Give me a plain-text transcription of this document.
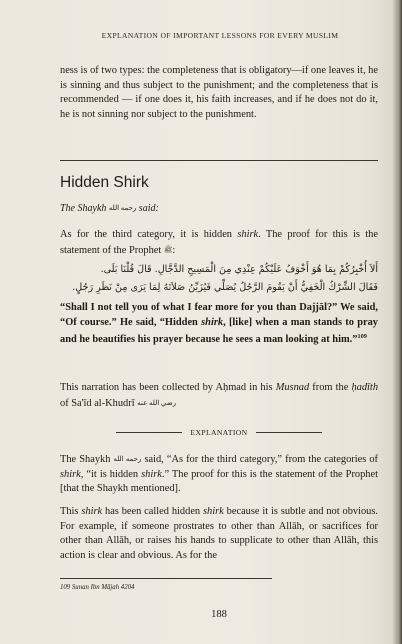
EXPLANATION OF IMPORTANT LESSONS FOR EVERY MUSLIM
ness is of two types: the completeness that is obligatory—if one leaves it, he is sinning and thus subject to the punishment; and the completeness that is recommended — if one does it, his faith increases, and if he does not do it, he is not sinning nor subject to the punishment.
Hidden Shirk
The Shaykh رحمه الله said:
As for the third category, it is hidden shirk. The proof for this is the statement of the Prophet ﷺ:
أَلاَ أُخْبِرُكُمْ بِمَا هُوَ أَخْوَفُ عَلَيْكُمْ عِنْدِي مِنَ الْمَسِيحِ الدَّجَّالِ. قَالَ قُلْنَا بَلَى.
فَقَالَ الشِّرْكُ الْخَفِيُّ أَنْ يَقُومَ الرَّجُلُ يُصَلِّي فَيُزَيِّنُ صَلاَتَهُ لِمَا يَرَى مِنْ نَظَرِ رَجُلٍ.
“Shall I not tell you of what I fear more for you than Dajjāl?” We said, “Of course.” He said, “Hidden shirk, [like] when a man stands to pray and he beautifies his prayer because he sees a man looking at him.”$^{109}$
This narration has been collected by Aḥmad in his Musnad from the ḥadīth of Sa'īd al-Khudrī رضي الله عنه
EXPLANATION
The Shaykh رحمه الله said, “As for the third category,” from the categories of shirk, “it is hidden shirk.” The proof for this is the statement of the Prophet [that the Shaykh mentioned].
This shirk has been called hidden shirk because it is subtle and not obvious. For example, if someone prostrates to other than Allāh, or sacrifices for other than Allāh, or raises his hands to supplicate to other than Allāh, this action is clear and obvious. As for the
109 Sunan Ibn Mājah 4204
188
